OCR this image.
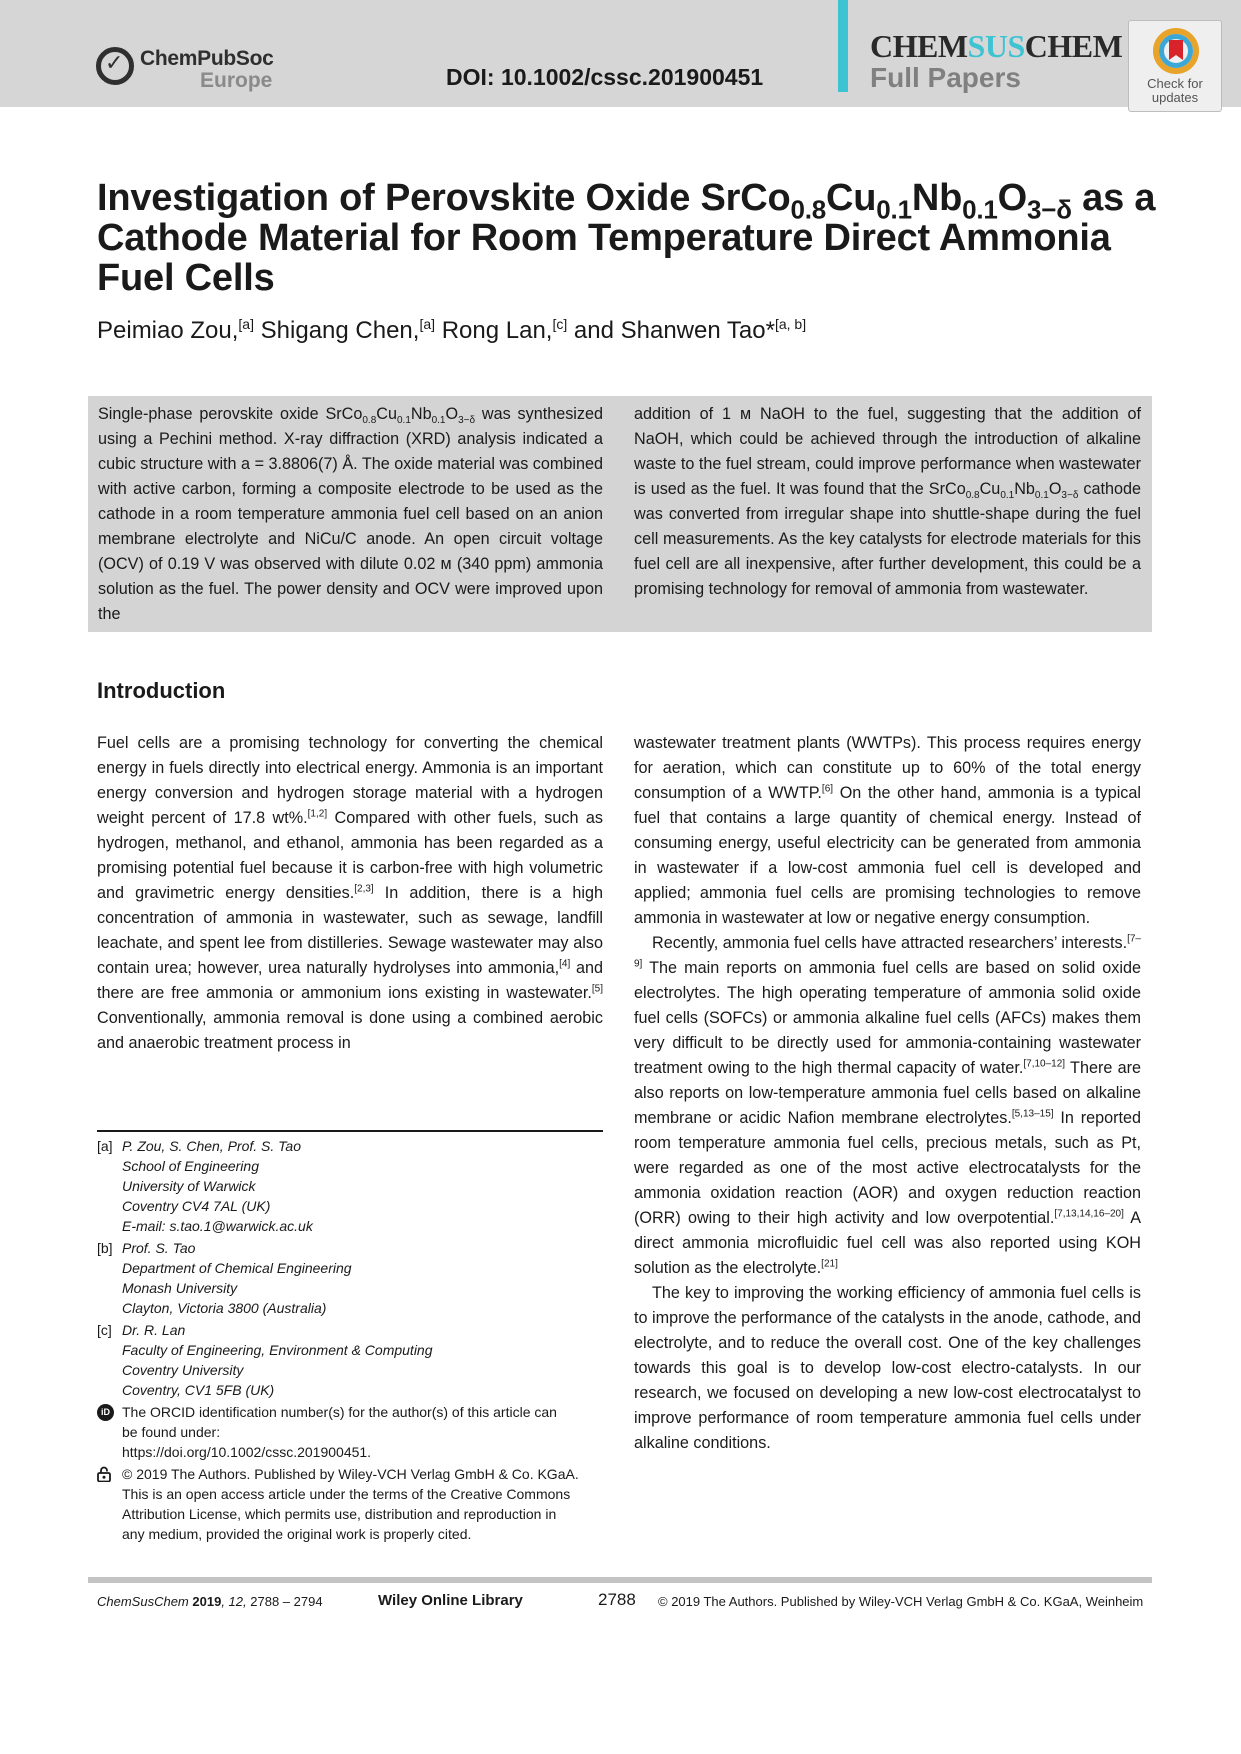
✓ ChemPubSoc
Europe	DOI: 10.1002/cssc.201900451
CHEMSUSCHEM
Full Papers	Check for
updates
Investigation of Perovskite Oxide $SrCo_{0.8}Cu_{0.1}Nb_{0.1}O_{3-\delta}$ as a Cathode Material for Room Temperature Direct Ammonia Fuel Cells
Peimiao Zou,[a] Shigang Chen,[a] Rong Lan,[c] and Shanwen Tao*[a, b]

Single-phase perovskite oxide $SrCo_{0.8}Cu_{0.1}Nb_{0.1}O_{3-\delta}$ was synthesized using a Pechini method. X-ray diffraction (XRD) analysis indicated a cubic structure with a = 3.8806(7) Å. The oxide material was combined with active carbon, forming a composite electrode to be used as the cathode in a room temperature ammonia fuel cell based on an anion membrane electrolyte and NiCu/C anode. An open circuit voltage (OCV) of 0.19 V was observed with dilute 0.02 м (340 ppm) ammonia solution as the fuel. The power density and OCV were improved upon the

addition of 1 м NaOH to the fuel, suggesting that the addition of NaOH, which could be achieved through the introduction of alkaline waste to the fuel stream, could improve performance when wastewater is used as the fuel. It was found that the $SrCo_{0.8}Cu_{0.1}Nb_{0.1}O_{3-\delta}$ cathode was converted from irregular shape into shuttle-shape during the fuel cell measurements. As the key catalysts for electrode materials for this fuel cell are all inexpensive, after further development, this could be a promising technology for removal of ammonia from wastewater.

Introduction

Fuel cells are a promising technology for converting the chemical energy in fuels directly into electrical energy. Ammonia is an important energy conversion and hydrogen storage material with a hydrogen weight percent of 17.8 wt%.[1,2] Compared with other fuels, such as hydrogen, methanol, and ethanol, ammonia has been regarded as a promising potential fuel because it is carbon-free with high volumetric and gravimetric energy densities.[2,3] In addition, there is a high concentration of ammonia in wastewater, such as sewage, landfill leachate, and spent lee from distilleries. Sewage wastewater may also contain urea; however, urea naturally hydrolyses into ammonia,[4] and there are free ammonia or ammonium ions existing in wastewater.[5] Conventionally, ammonia removal is done using a combined aerobic and anaerobic treatment process in

wastewater treatment plants (WWTPs). This process requires energy for aeration, which can constitute up to 60% of the total energy consumption of a WWTP.[6] On the other hand, ammonia is a typical fuel that contains a large quantity of chemical energy. Instead of consuming energy, useful electricity can be generated from ammonia in wastewater if a low-cost ammonia fuel cell is developed and applied; ammonia fuel cells are promising technologies to remove ammonia in wastewater at low or negative energy consumption.

Recently, ammonia fuel cells have attracted researchers’ interests.[7–9] The main reports on ammonia fuel cells are based on solid oxide electrolytes. The high operating temperature of ammonia solid oxide fuel cells (SOFCs) or ammonia alkaline fuel cells (AFCs) makes them very difficult to be directly used for ammonia-containing wastewater treatment owing to the high thermal capacity of water.[7,10–12] There are also reports on low-temperature ammonia fuel cells based on alkaline membrane or acidic Nafion membrane electrolytes.[5,13–15] In reported room temperature ammonia fuel cells, precious metals, such as Pt, were regarded as one of the most active electrocatalysts for the ammonia oxidation reaction (AOR) and oxygen reduction reaction (ORR) owing to their high activity and low overpotential.[7,13,14,16–20] A direct ammonia microfluidic fuel cell was also reported using KOH solution as the electrolyte.[21]

The key to improving the working efficiency of ammonia fuel cells is to improve the performance of the catalysts in the anode, cathode, and electrolyte, and to reduce the overall cost. One of the key challenges towards this goal is to develop low-cost electro-catalysts. In our research, we focused on developing a new low-cost electrocatalyst to improve performance of room temperature ammonia fuel cells under alkaline conditions.

[a] P. Zou, S. Chen, Prof. S. Tao
School of Engineering
University of Warwick
Coventry CV4 7AL (UK)
E-mail: s.tao.1@warwick.ac.uk
[b] Prof. S. Tao
Department of Chemical Engineering
Monash University
Clayton, Victoria 3800 (Australia)
[c] Dr. R. Lan
Faculty of Engineering, Environment & Computing
Coventry University
Coventry, CV1 5FB (UK)
iD The ORCID identification number(s) for the author(s) of this article can
be found under:
https://doi.org/10.1002/cssc.201900451.
© 2019 The Authors. Published by Wiley-VCH Verlag GmbH & Co. KGaA.
This is an open access article under the terms of the Creative Commons
Attribution License, which permits use, distribution and reproduction in
any medium, provided the original work is properly cited.
ChemSusChem 2019, 12, 2788 – 2794	Wiley Online Library	2788 © 2019 The Authors. Published by Wiley-VCH Verlag GmbH & Co. KGaA, Weinheim
